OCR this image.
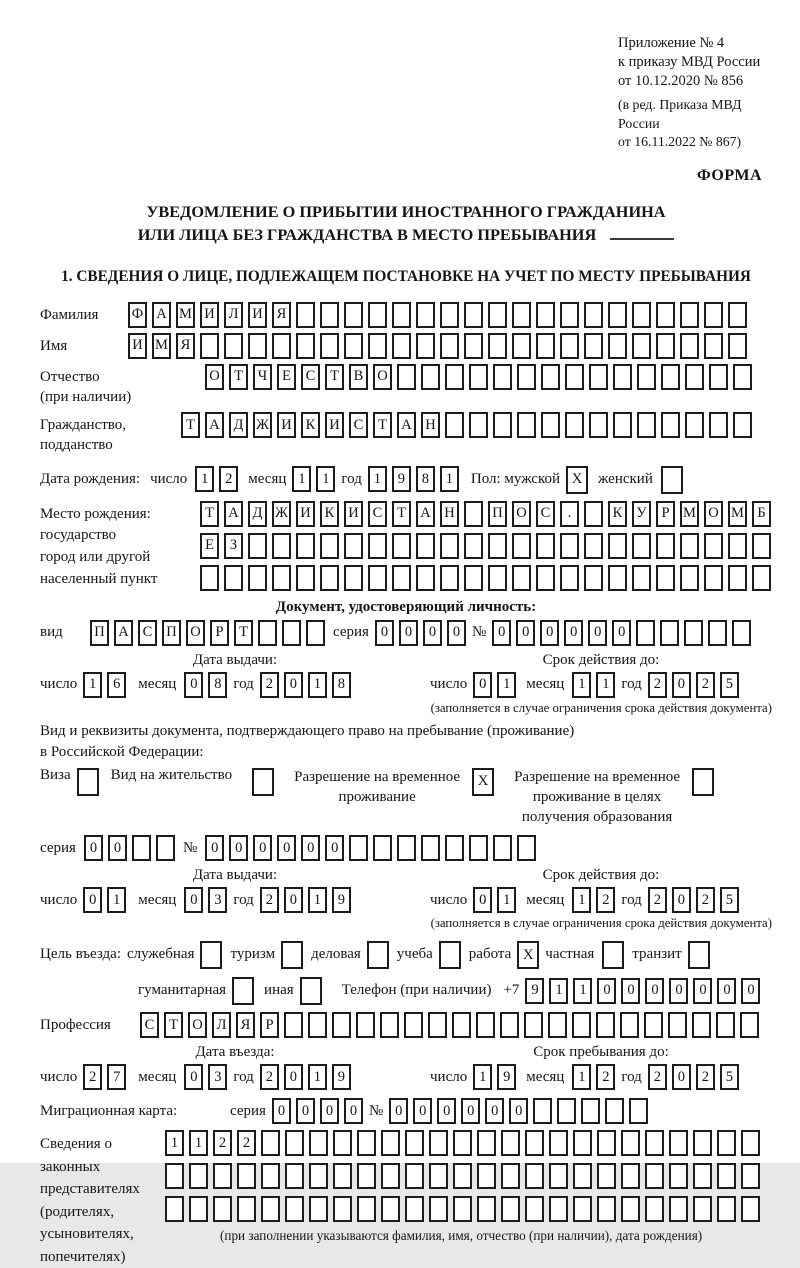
Приложение № 4
к приказу МВД России
от 10.12.2020 № 856
(в ред. Приказа МВД России
от 16.11.2022 № 867)
ФОРМА
УВЕДОМЛЕНИЕ О ПРИБЫТИИ ИНОСТРАННОГО ГРАЖДАНИНА
ИЛИ ЛИЦА БЕЗ ГРАЖДАНСТВА В МЕСТО ПРЕБЫВАНИЯ
1. СВЕДЕНИЯ О ЛИЦЕ, ПОДЛЕЖАЩЕМ ПОСТАНОВКЕ НА УЧЕТ ПО МЕСТУ ПРЕБЫВАНИЯ
Фамилия	Ф А М И Л И Я
Имя	И М Я
Отчество
(при наличии)
О Т	Ч	Е	С	Т	В О
Гражданство,
подданство
Т А Д Ж И К И С	Т А Н
Дата рождения: число 1	2	месяц 1	1 год 1	9	8	1	Пол: мужской X	женский
Место рождения:
государство
город или другой
населенный пункт
Т А Д Ж И К И С	Т А Н	П О С	.	К У	Р М О М Б
Е	З
Документ, удостоверяющий личность:
вид	П А С П О	Р	Т	серия 0	0	0	0 № 0	0	0	0	0	0
Дата выдачи:
число 1	6	месяц 0	8 год 2	0	1	8
Срок действия до:
число 0	1	месяц 1	1 год 2	0	2	5
(заполняется в случае ограничения срока действия документа)
Вид и реквизиты документа, подтверждающего право на пребывание (проживание)
в Российской Федерации:
Виза	Вид на жительство	Разрешение на временное
проживание
X	Разрешение на временное
проживание в целях
получения образования
серия 0	0	№ 0	0	0	0	0	0
Дата выдачи:
число 0	1	месяц 0	3 год 2	0	1	9
Срок действия до:
число 0	1	месяц 1	2 год 2	0	2	5
(заполняется в случае ограничения срока действия документа)
Цель въезда: служебная туризм деловая учеба работа X частная	транзит
гуманитарная	иная	Телефон (при наличии) +7 9	1	1	0	0	0	0	0	0	0
Профессия	С	Т О Л Я	Р
Дата въезда:
число 2	7	месяц 0	3 год 2	0	1	9
Срок пребывания до:
число 1	9	месяц 1	2 год 2	0	2	5
Миграционная карта:	серия 0	0	0	0 № 0	0	0	0	0	0
Сведения о
законных
представителях
(родителях,
усыновителях,
попечителях)
1	1	2	2
(при заполнении указываются фамилия, имя, отчество (при наличии), дата рождения)
